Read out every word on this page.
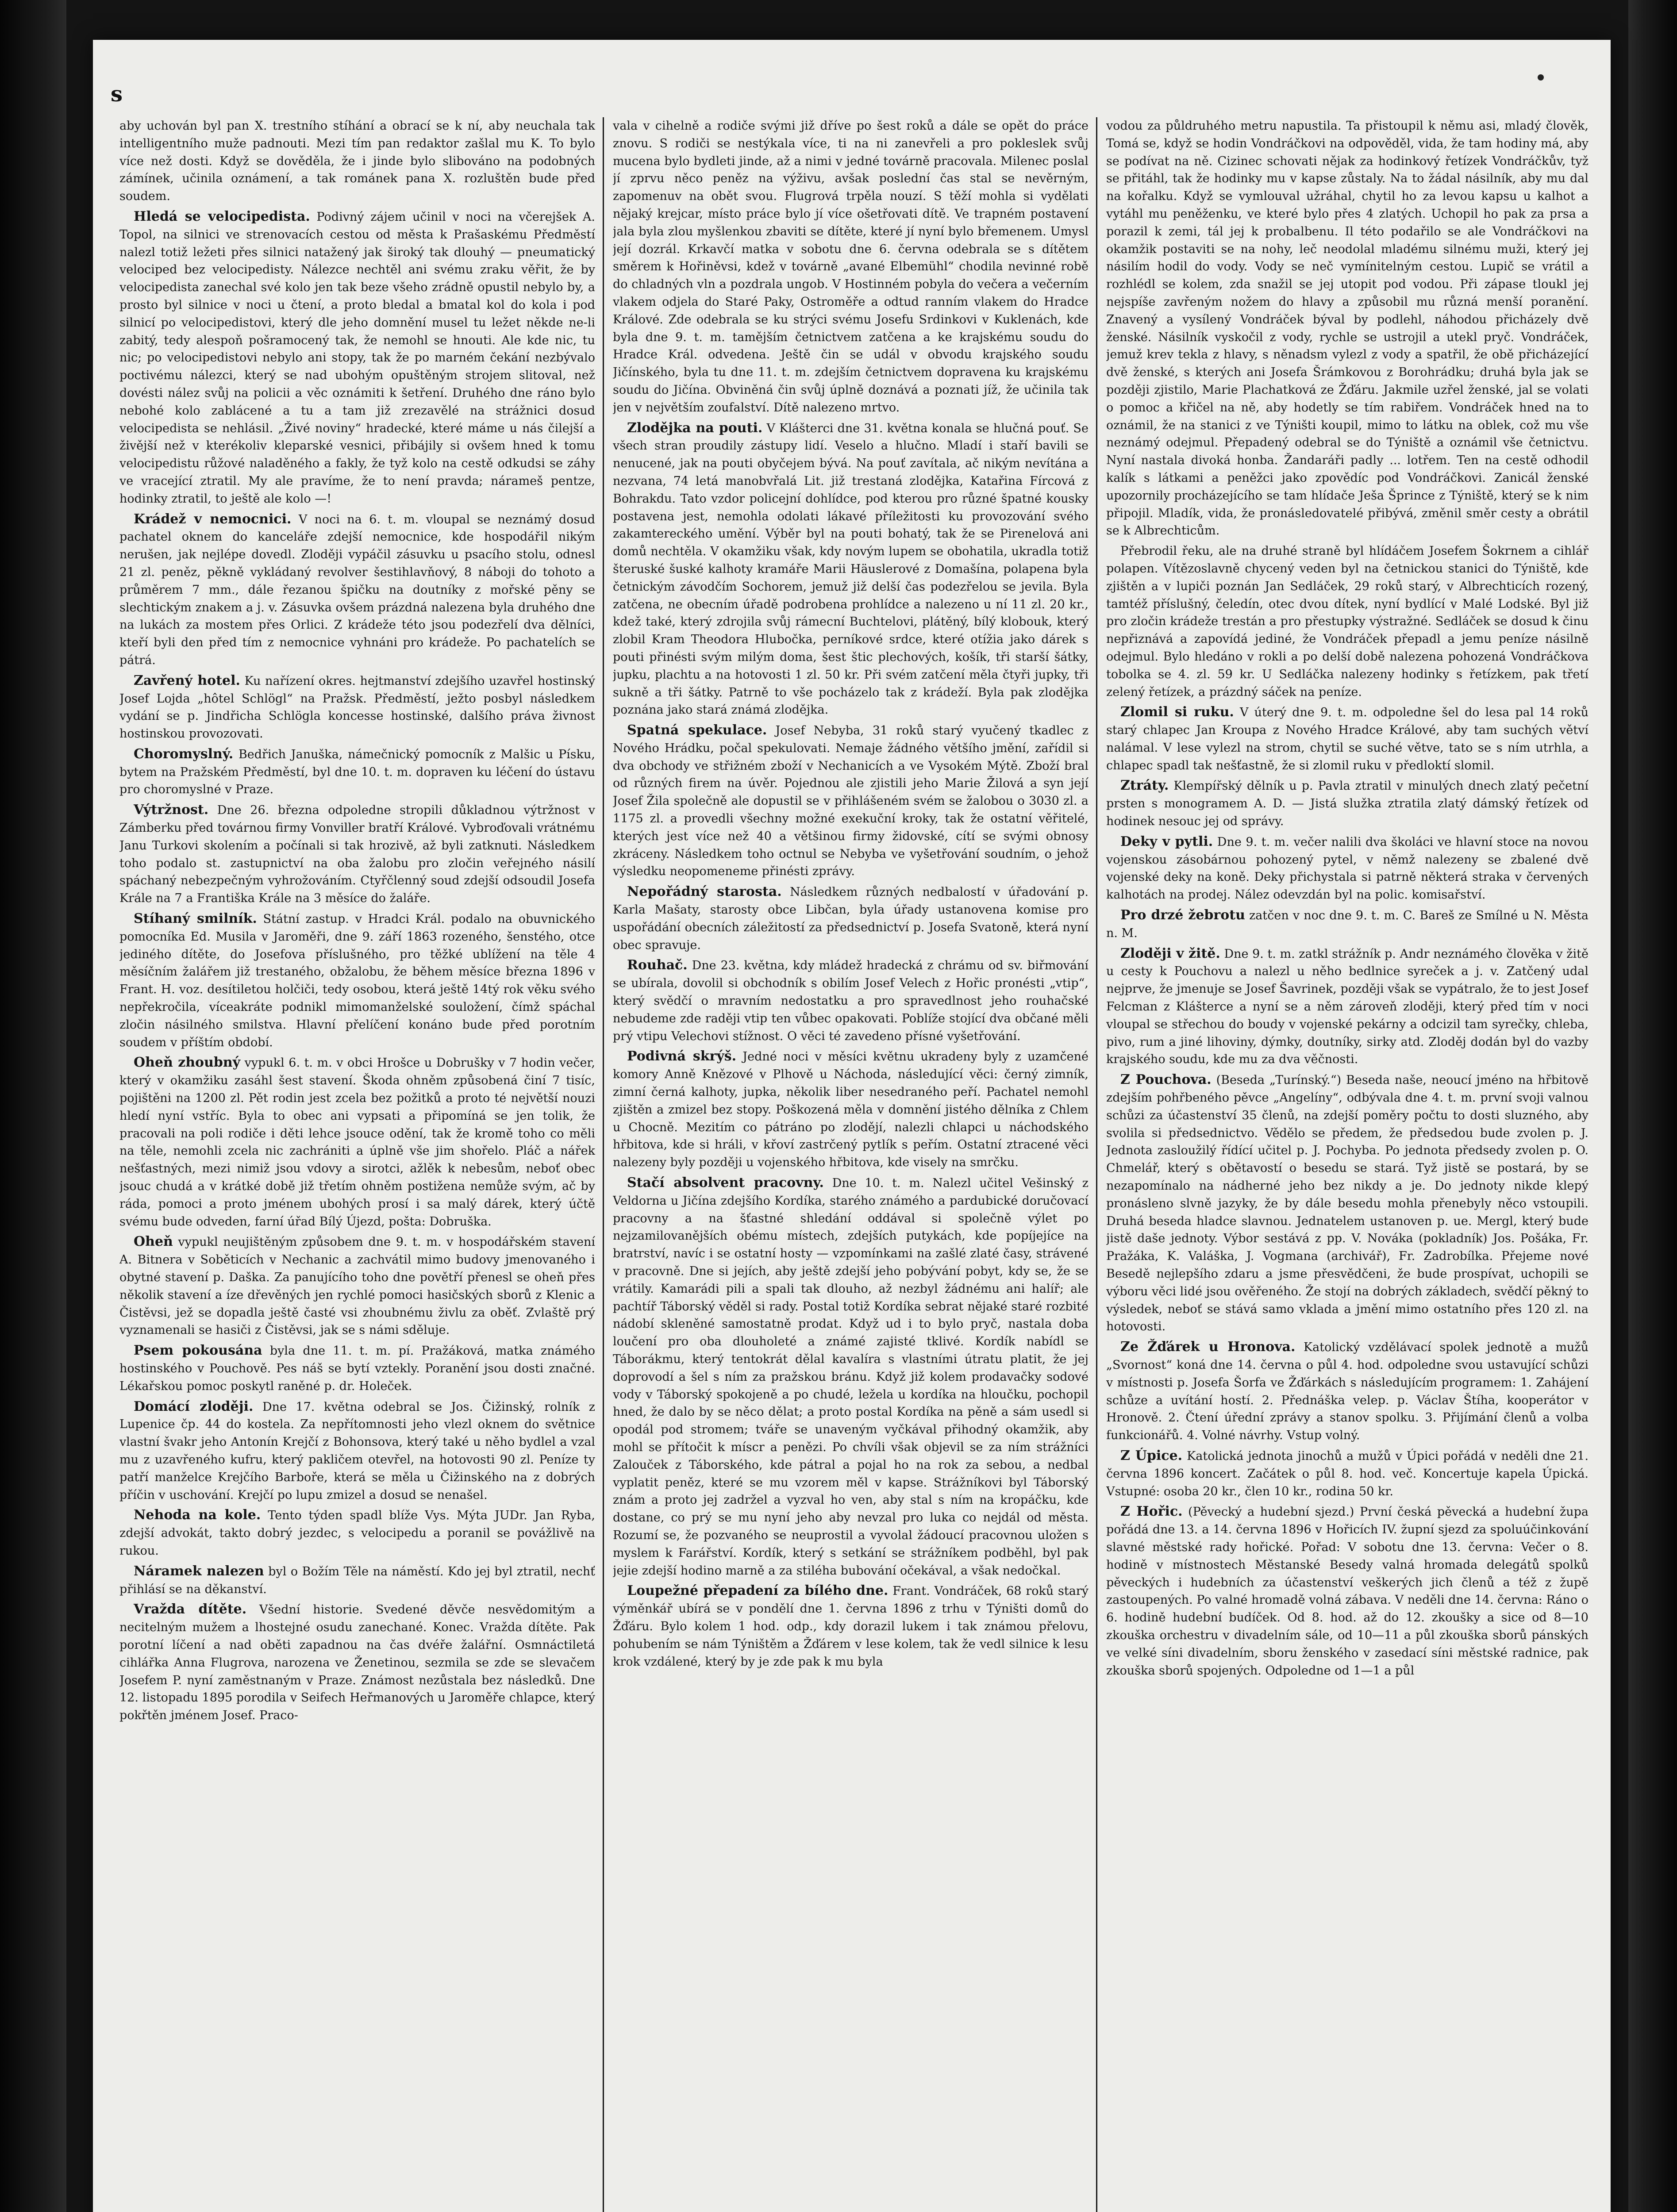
s

aby uchován byl pan X. trestního stíhání a obrací se k ní, aby neuchala tak intelligentního muže padnouti. Mezi tím pan redaktor zašlal mu K. To bylo více než dosti. Když se dověděla, že i jinde bylo slibováno na podobných zámínek, učinila oznámení, a tak románek pana X. rozluštěn bude před soudem.

Hledá se velocipedista. Podivný zájem učinil v noci na včerejšek A. Topol, na silnici ve strenovacích cestou od města k Prašaskému Předměstí nalezl totiž ležeti přes silnici natažený jak široký tak dlouhý — pneumatický velociped bez velocipedisty. Nálezce nechtěl ani svému zraku věřit, že by velocipedista zanechal své kolo jen tak beze všeho zrádně opustil nebylo by, a prosto byl silnice v noci u čtení, a proto bledal a bmatal kol do kola i pod silnicí po velocipedistovi, který dle jeho domnění musel tu ležet někde ne-li zabitý, tedy alespoň pošramocený tak, že nemohl se hnouti. Ale kde nic, tu nic; po velocipedistovi nebylo ani stopy, tak že po marném čekání nezbývalo poctivému nálezci, který se nad ubohým opuštěným strojem slitoval, než dovésti nález svůj na policii a věc oznámiti k šetření. Druhého dne ráno bylo nebohé kolo zablácené a tu a tam již zrezavělé na strážnici dosud velocipedista se nehlásil. „Živé noviny“ hradecké, které máme u nás čilejší a živější než v kterékoliv kleparské vesnici, přibájily si ovšem hned k tomu velocipedistu růžové naladěného a fakly, že tyž kolo na cestě odkudsi se záhy ve vracející ztratil. My ale pravíme, že to není pravda; nárameš pentze, hodinky ztratil, to ještě ale kolo —!

Krádež v nemocnici. V noci na 6. t. m. vloupal se neznámý dosud pachatel oknem do kanceláře zdejší nemocnice, kde hospodářil nikým nerušen, jak nejlépe dovedl. Zloději vypáčil zásuvku u psacího stolu, odnesl 21 zl. peněz, pěkně vykládaný revolver šestihlavňový, 8 náboji do tohoto a průměrem 7 mm., dále řezanou špičku na doutníky z mořské pěny se slechtickým znakem a j. v. Zásuvka ovšem prázdná nalezena byla druhého dne na lukách za mostem přes Orlici. Z krádeže této jsou podezřelí dva dělníci, kteří byli den před tím z nemocnice vyhnáni pro krádeže. Po pachatelích se pátrá.

Zavřený hotel. Ku nařízení okres. hejtmanství zdejšího uzavřel hostinský Josef Lojda „hôtel Schlögl“ na Pražsk. Předměstí, ježto posbyl následkem vydání se p. Jindřicha Schlögla koncesse hostinské, dalšího práva živnost hostinskou provozovati.

Choromyslný. Bedřich Januška, námečnický pomocník z Malšic u Písku, bytem na Pražském Předměstí, byl dne 10. t. m. dopraven ku léčení do ústavu pro choromyslné v Praze.

Výtržnost. Dne 26. března odpoledne stropili důkladnou výtržnost v Zámberku před továrnou firmy Vonviller bratří Králové. Vybroďovali vrátnému Janu Turkovi skolením a počínali si tak hrozivě, až byli zatknuti. Následkem toho podalo st. zastupnictví na oba žalobu pro zločin veřejného násilí spáchaný nebezpečným vyhrožováním. Ctyřčlenný soud zdejší odsoudil Josefa Krále na 7 a Františka Krále na 3 měsíce do žaláře.

Stíhaný smilník. Státní zastup. v Hradci Král. podalo na obuvnického pomocníka Ed. Musila v Jaroměři, dne 9. září 1863 rozeného, šenstého, otce jediného dítěte, do Josefova příslušného, pro těžké ublížení na těle 4 měsíčním žalářem již trestaného, obžalobu, že během měsíce března 1896 v Frant. H. voz. desítiletou holčiči, tedy osobou, která ještě 14tý rok věku svého nepřekročila, víceakráte podnikl mimomanželské souložení, čímž spáchal zločin násilného smilstva. Hlavní přelíčení konáno bude před porotním soudem v příštím období.

Oheň zhoubný vypukl 6. t. m. v obci Hrošce u Dobrušky v 7 hodin večer, který v okamžiku zasáhl šest stavení. Škoda ohněm způsobená činí 7 tisíc, pojištěni na 1200 zl. Pět rodin jest zcela bez požitků a proto té největší nouzi hledí nyní vstříc. Byla to obec ani vypsati a připomíná se jen tolik, že pracovali na poli rodiče i děti lehce jsouce odění, tak že kromě toho co měli na těle, nemohli zcela nic zachrániti a úplně vše jim shořelo. Pláč a nářek nešťastných, mezi nimiž jsou vdovy a sirotci, ažlěk k nebesům, neboť obec jsouc chudá a v krátké době již třetím ohněm postižena nemůže svým, ač by ráda, pomoci a proto jménem ubohých prosí i sa malý dárek, který účtě svému bude odveden, farní úřad Bílý Újezd, pošta: Dobruška.

Oheň vypukl neujištěným způsobem dne 9. t. m. v hospodářském stavení A. Bitnera v Soběticích v Nechanic a zachvátil mimo budovy jmenovaného i obytné stavení p. Daška. Za panujícího toho dne povětří přenesl se oheň přes několik stavení a íze dřevěných jen rychlé pomoci hasičských sborů z Klenic a Čistěvsi, jež se dopadla ještě časté vsi zhoubnému živlu za oběť. Zvlaště prý vyznamenali se hasiči z Čistěvsi, jak se s námi sděluje.

Psem pokousána byla dne 11. t. m. pí. Pražáková, matka známého hostinského v Pouchově. Pes náš se bytí vztekly. Poranění jsou dosti značné. Lékařskou pomoc poskytl raněné p. dr. Holeček.

Domácí zloději. Dne 17. května odebral se Jos. Čižinský, rolník z Lupenice čp. 44 do kostela. Za nepřítomnosti jeho vlezl oknem do světnice vlastní švakr jeho Antonín Krejčí z Bohonsova, který také u něho bydlel a vzal mu z uzavřeného kufru, který pakličem otevřel, na hotovosti 90 zl. Peníze ty patří manželce Krejčího Barboře, která se měla u Čižinského na z dobrých příčin v uschování. Krejčí po lupu zmizel a dosud se nenašel.

Nehoda na kole. Tento týden spadl blíže Vys. Mýta JUDr. Jan Ryba, zdejší advokát, takto dobrý jezdec, s velocipedu a poranil se povážlivě na rukou.

Náramek nalezen byl o Božím Těle na náměstí. Kdo jej byl ztratil, nechť přihlásí se na děkanství.

Vražda dítěte. Všední historie. Svedené děvče nesvědomitým a necitelným mužem a lhostejné osudu zanechané. Konec. Vražda dítěte. Pak porotní líčení a nad oběti zapadnou na čas dvéře žalářní. Osmnáctiletá cihlářka Anna Flugrova, narozena ve Ženetinou, sezmila se zde se slevačem Josefem P. nyní zaměstnaným v Praze. Známost nezůstala bez následků. Dne 12. listopadu 1895 porodila v Seifech Heřmanových u Jaroměře chlapce, který pokřtěn jménem Josef. Praco-

vala v cihelně a rodiče svými již dříve po šest roků a dále se opět do práce znovu. S rodiči se nestýkala více, ti na ni zanevřeli a pro pokleslek svůj mucena bylo bydleti jinde, až a nimi v jedné továrně pracovala. Milenec poslal jí zprvu něco peněz na výživu, avšak poslední čas stal se nevěrným, zapomenuv na obět svou. Flugrová trpěla nouzí. S těží mohla si vydělati nějaký krejcar, místo práce bylo jí více ošetřovati dítě. Ve trapném postavení jala byla zlou myšlenkou zbaviti se dítěte, které jí nyní bylo břemenem. Umysl její dozrál. Krkavčí matka v sobotu dne 6. června odebrala se s dítětem směrem k Hořiněvsi, kdež v továrně „avané Elbemühl“ chodila nevinné robě do chladných vln a pozdrala ungob. V Hostinném pobyla do večera a večerním vlakem odjela do Staré Paky, Ostroměře a odtud ranním vlakem do Hradce Králové. Zde odebrala se ku strýci svému Josefu Srdinkovi v Kuklenách, kde byla dne 9. t. m. tamějším četnictvem zatčena a ke krajskému soudu do Hradce Král. odvedena. Ještě čin se udál v obvodu krajského soudu Jičínského, byla tu dne 11. t. m. zdejším četnictvem dopravena ku krajskému soudu do Jičína. Obviněná čin svůj úplně doznává a poznati jíž, že učinila tak jen v největším zoufalství. Dítě nalezeno mrtvo.

Zlodějka na pouti. V Klášterci dne 31. května konala se hlučná pouť. Se všech stran proudily zástupy lidí. Veselo a hlučno. Mladí i staří bavili se nenucené, jak na pouti obyčejem bývá. Na pouť zavítala, ač nikým nevítána a nezvana, 74 letá manobvřalá Lit. již trestaná zlodějka, Katařina Fírcová z Bohrakdu. Tato vzdor policejní dohlídce, pod kterou pro různé špatné kousky postavena jest, nemohla odolati lákavé příležitosti ku provozování svého zakamtereckého umění. Výběr byl na pouti bohatý, tak že se Pirenelová ani domů nechtěla. V okamžiku však, kdy novým lupem se obohatila, ukradla totiž šteruské šuské kalhoty kramáře Marii Häuslerové z Domašína, polapena byla četnickým závodčím Sochorem, jemuž již delší čas podezřelou se jevila. Byla zatčena, ne obecním úřadě podrobena prohlídce a nalezeno u ní 11 zl. 20 kr., kdež také, který zdrojila svůj rámecní Buchtelovi, plátěný, bílý klobouk, který zlobil Kram Theodora Hlubočka, perníkové srdce, které otížia jako dárek s pouti přinésti svým milým doma, šest štic plechových, košík, tři starší šátky, jupku, plachtu a na hotovosti 1 zl. 50 kr. Při svém zatčení měla čtyři jupky, tři sukně a tři šátky. Patrně to vše pocházelo tak z krádeží. Byla pak zlodějka poznána jako stará známá zlodějka.

Spatná spekulace. Josef Nebyba, 31 roků starý vyučený tkadlec z Nového Hrádku, počal spekulovati. Nemaje žádného většího jmění, zařídil si dva obchody ve střižném zboží v Nechanicích a ve Vysokém Mýtě. Zboží bral od různých firem na úvěr. Pojednou ale zjistili jeho Marie Žilová a syn její Josef Žila společně ale dopustil se v přihlášeném svém se žalobou o 3030 zl. a 1175 zl. a provedli všechny možné exekuční kroky, tak že ostatní věřitelé, kterých jest více než 40 a většinou firmy židovské, cítí se svými obnosy zkráceny. Následkem toho octnul se Nebyba ve vyšetřování soudním, o jehož výsledku neopomeneme přinésti zprávy.

Nepořádný starosta. Následkem různých nedbalostí v úřadování p. Karla Mašaty, starosty obce Libčan, byla úřady ustanovena komise pro uspořádání obecních záležitostí za předsednictví p. Josefa Svatoně, která nyní obec spravuje.

Rouhač. Dne 23. května, kdy mládež hradecká z chrámu od sv. biřmování se ubírala, dovolil si obchodník s obilím Josef Velech z Hořic pronésti „vtip“, který svědčí o mravním nedostatku a pro spravedlnost jeho rouhačské nebudeme zde raději vtip ten vůbec opakovati. Poblíže stojící dva občané měli prý vtipu Velechovi stížnost. O věci té zavedeno přísné vyšetřování.

Podivná skrýš. Jedné noci v měsíci květnu ukradeny byly z uzamčené komory Anně Knězové v Plhově u Náchoda, následující věci: černý zimník, zimní černá kalhoty, jupka, několik liber nesedraného peří. Pachatel nemohl zjištěn a zmizel bez stopy. Poškozená měla v domnění jistého dělníka z Chlem u Chocně. Mezitím co pátráno po zlodějí, nalezli chlapci u náchodského hřbitova, kde si hráli, v křoví zastrčený pytlík s peřím. Ostatní ztracené věci nalezeny byly později u vojenského hřbitova, kde visely na smrčku.

Stačí absolvent pracovny. Dne 10. t. m. Nalezl učitel Vešinský z Veldorna u Jičína zdejšího Kordíka, starého známého a pardubické doručovací pracovny a na šťastné shledání oddával si společně výlet po nejzamilovanějších obému místech, zdejších putykách, kde popíjejíce na bratrství, navíc i se ostatní hosty — vzpomínkami na zašlé zlaté časy, strávené v pracovně. Dne si jejích, aby ještě zdejší jeho pobývání pobyt, kdy se, že se vrátily. Kamarádi pili a spali tak dlouho, až nezbyl žádnému ani halíř; ale pachtíř Táborský věděl si rady. Postal totiž Kordíka sebrat nějaké staré rozbité nádobí skleněné samostatně prodat. Když ud i to bylo pryč, nastala doba loučení pro oba dlouholeté a známé zajisté tklivé. Kordík nabídl se Táborákmu, který tentokrát dělal kavalíra s vlastními útratu platit, že jej doprovodí a šel s ním za pražskou bránu. Když již kolem prodavačky sodové vody v Táborský spokojeně a po chudé, ležela u kordíka na hloučku, pochopil hned, že dalo by se něco dělat; a proto postal Kordíka na pěně a sám usedl si opodál pod stromem; tváře se unaveným vyčkával přihodný okamžik, aby mohl se přítočit k míscr a penězi. Po chvíli však objevil se za ním strážníci Zalouček z Táborského, kde pátral a pojal ho na rok za sebou, a nedbal vyplatit peněz, které se mu vzorem měl v kapse. Strážníkovi byl Táborský znám a proto jej zadržel a vyzval ho ven, aby stal s ním na kropáčku, kde dostane, co prý se mu nyní jeho aby nevzal pro luka co nejdál od města. Rozumí se, že pozvaného se neuprostil a vyvolal žádoucí pracovnou uložen s myslem k Farářství. Kordík, který s setkání se strážníkem podběhl, byl pak jejie zdejší hodino marně a za stiléha bubování očekával, a však nedočkal.

Loupežné přepadení za bílého dne. Frant. Vondráček, 68 roků starý výměnkář ubírá se v pondělí dne 1. června 1896 z trhu v Týništi domů do Žďáru. Bylo kolem 1 hod. odp., kdy dorazil lukem i tak známou přelovu, pohubením se nám Týništěm a Žďárem v lese kolem, tak že vedl silnice k lesu krok vzdálené, který by je zde pak k mu byla

vodou za půldruhého metru napustila. Ta přistoupil k němu asi, mladý člověk, Tomá se, když se hodin Vondráčkovi na odpověděl, vida, že tam hodiny má, aby se podívat na ně. Cizinec schovati nějak za hodinkový řetízek Vondráčkův, tyž se přitáhl, tak že hodinky mu v kapse zůstaly. Na to žádal násilník, aby mu dal na kořalku. Když se vymlouval užráhal, chytil ho za levou kapsu u kalhot a vytáhl mu peněženku, ve které bylo přes 4 zlatých. Uchopil ho pak za prsa a porazil k zemi, tál jej k probalbenu. Il této podařilo se ale Vondráčkovi na okamžik postaviti se na nohy, leč neodolal mladému silnému muži, který jej násilím hodil do vody. Vody se neč vymínitelným cestou. Lupič se vrátil a rozhlédl se kolem, zda snažil se jej utopit pod vodou. Při zápase tloukl jej nejspíše zavřeným nožem do hlavy a způsobil mu různá menší poranění. Znavený a vysílený Vondráček býval by podlehl, náhodou přicházely dvě ženské. Násilník vyskočil z vody, rychle se ustrojil a utekl pryč. Vondráček, jemuž krev tekla z hlavy, s něnadsm vylezl z vody a spatřil, že obě přicházející dvě ženské, s kterých ani Josefa Šrámkovou z Borohrádku; druhá byla jak se později zjistilo, Marie Plachatková ze Žďáru. Jakmile uzřel ženské, jal se volati o pomoc a křičel na ně, aby hodetly se tím rabiřem. Vondráček hned na to oznámil, že na stanici z ve Týništi koupil, mimo to látku na oblek, což mu vše neznámý odejmul. Přepadený odebral se do Týniště a oznámil vše četnictvu. Nyní nastala divoká honba. Žandaráři padly ... lotřem. Ten na cestě odhodil kalík s látkami a peněžci jako zpovědíc pod Vondráčkovi. Zanicál ženské upozornily procházejícího se tam hlídače Ješa Šprince z Týniště, který se k nim připojil. Mladík, vida, že pronásledovatelé přibývá, změnil směr cesty a obrátil se k Albrechticům.

Přebrodil řeku, ale na druhé straně byl hlídáčem Josefem Šokrnem a cihlář polapen. Vítězoslavně chycený veden byl na četnickou stanici do Týniště, kde zjištěn a v lupiči poznán Jan Sedláček, 29 roků starý, v Albrechticích rozený, tamtéž příslušný, čeledín, otec dvou dítek, nyní bydlící v Malé Lodské. Byl již pro zločin krádeže trestán a pro přestupky výstražné. Sedláček se dosud k činu nepřiznává a zapovídá jediné, že Vondráček přepadl a jemu peníze násilně odejmul. Bylo hledáno v rokli a po delší době nalezena pohozená Vondráčkova tobolka se 4. zl. 59 kr. U Sedláčka nalezeny hodinky s řetízkem, pak třetí zelený řetízek, a prázdný sáček na peníze.

Zlomil si ruku. V úterý dne 9. t. m. odpoledne šel do lesa pal 14 roků starý chlapec Jan Kroupa z Nového Hradce Králové, aby tam suchých větví nalámal. V lese vylezl na strom, chytil se suché větve, tato se s ním utrhla, a chlapec spadl tak nešťastně, že si zlomil ruku v předloktí slomil.

Ztráty. Klempířský dělník u p. Pavla ztratil v minulých dnech zlatý pečetní prsten s monogramem A. D. — Jistá služka ztratila zlatý dámský řetízek od hodinek nesouc jej od správy.

Deky v pytli. Dne 9. t. m. večer nalili dva školáci ve hlavní stoce na novou vojenskou zásobárnou pohozený pytel, v němž nalezeny se zbalené dvě vojenské deky na koně. Deky přichystala si patrně některá straka v červených kalhotách na prodej. Nález odevzdán byl na polic. komisařství.

Pro drzé žebrotu zatčen v noc dne 9. t. m. C. Bareš ze Smílné u N. Města n. M.

Zloději v žitě. Dne 9. t. m. zatkl strážník p. Andr neznámého člověka v žitě u cesty k Pouchovu a nalezl u něho bedlnice syreček a j. v. Zatčený udal nejprve, že jmenuje se Josef Šavrinek, později však se vypátralo, že to jest Josef Felcman z Klášterce a nyní se a něm zároveň zloději, který před tím v noci vloupal se střechou do boudy v vojenské pekárny a odcizil tam syrečky, chleba, pivo, rum a jiné lihoviny, dýmky, doutníky, sirky atd. Zloděj dodán byl do vazby krajského soudu, kde mu za dva věčnosti.

Z Pouchova. (Beseda „Turínský.“) Beseda naše, neoucí jméno na hřbitově zdejším pohřbeného pěvce „Angelíny“, odbývala dne 4. t. m. první svoji valnou schůzi za účastenství 35 členů, na zdejší poměry počtu to dosti sluzného, aby svolila si předsednictvo. Vědělo se předem, že předsedou bude zvolen p. J. Jednota zasloužilý řídící učitel p. J. Pochyba. Po jednota předsedy zvolen p. O. Chmelář, který s obětavostí o besedu se stará. Tyž jistě se postará, by se nezapomínalo na nádherné jeho bez nikdy a je. Do jednoty nikde klepý pronásleno slvně jazyky, že by dále besedu mohla přenebyly něco vstoupili. Druhá beseda hladce slavnou. Jednatelem ustanoven p. ue. Mergl, který bude jistě daše jednoty. Výbor sestává z pp. V. Nováka (pokladník) Jos. Pošáka, Fr. Pražáka, K. Valáška, J. Vogmana (archivář), Fr. Zadrobílka. Přejeme nové Besedě nejlepšího zdaru a jsme přesvědčeni, že bude prospívat, uchopili se výboru věci lidé jsou ověřeného. Že stojí na dobrých základech, svědčí pěkný to výsledek, neboť se stává samo vklada a jmění mimo ostatního přes 120 zl. na hotovosti.

Ze Žďárek u Hronova. Katolický vzdělávací spolek jednotě a mužů „Svornost“ koná dne 14. června o půl 4. hod. odpoledne svou ustavující schůzi v místnosti p. Josefa Šorfa ve Žďárkách s následujícím programem: 1. Zahájení schůze a uvítání hostí. 2. Přednáška velep. p. Václav Štíha, kooperátor v Hronově. 2. Čtení úřední zprávy a stanov spolku. 3. Přijímání členů a volba funkcionářů. 4. Volné návrhy. Vstup volný.

Z Úpice. Katolická jednota jinochů a mužů v Úpici pořádá v neděli dne 21. června 1896 koncert. Začátek o půl 8. hod. več. Koncertuje kapela Úpická. Vstupné: osoba 20 kr., člen 10 kr., rodina 50 kr.

Z Hořic. (Pěvecký a hudební sjezd.) První česká pěvecká a hudební župa pořádá dne 13. a 14. června 1896 v Hořicích IV. župní sjezd za spoluúčinkování slavné městské rady hořické. Pořad: V sobotu dne 13. června: Večer o 8. hodině v místnostech Městanské Besedy valná hromada delegátů spolků pěveckých i hudebních za účastenství veškerých jich členů a též z župě zastoupených. Po valné hromadě volná zábava. V neděli dne 14. června: Ráno o 6. hodině hudební budíček. Od 8. hod. až do 12. zkoušky a sice od 8—10 zkouška orchestru v divadelním sále, od 10—11 a půl zkouška sborů pánských ve velké síni divadelním, sboru ženského v zasedací síni městské radnice, pak zkouška sborů spojených. Odpoledne od 1—1 a půl
